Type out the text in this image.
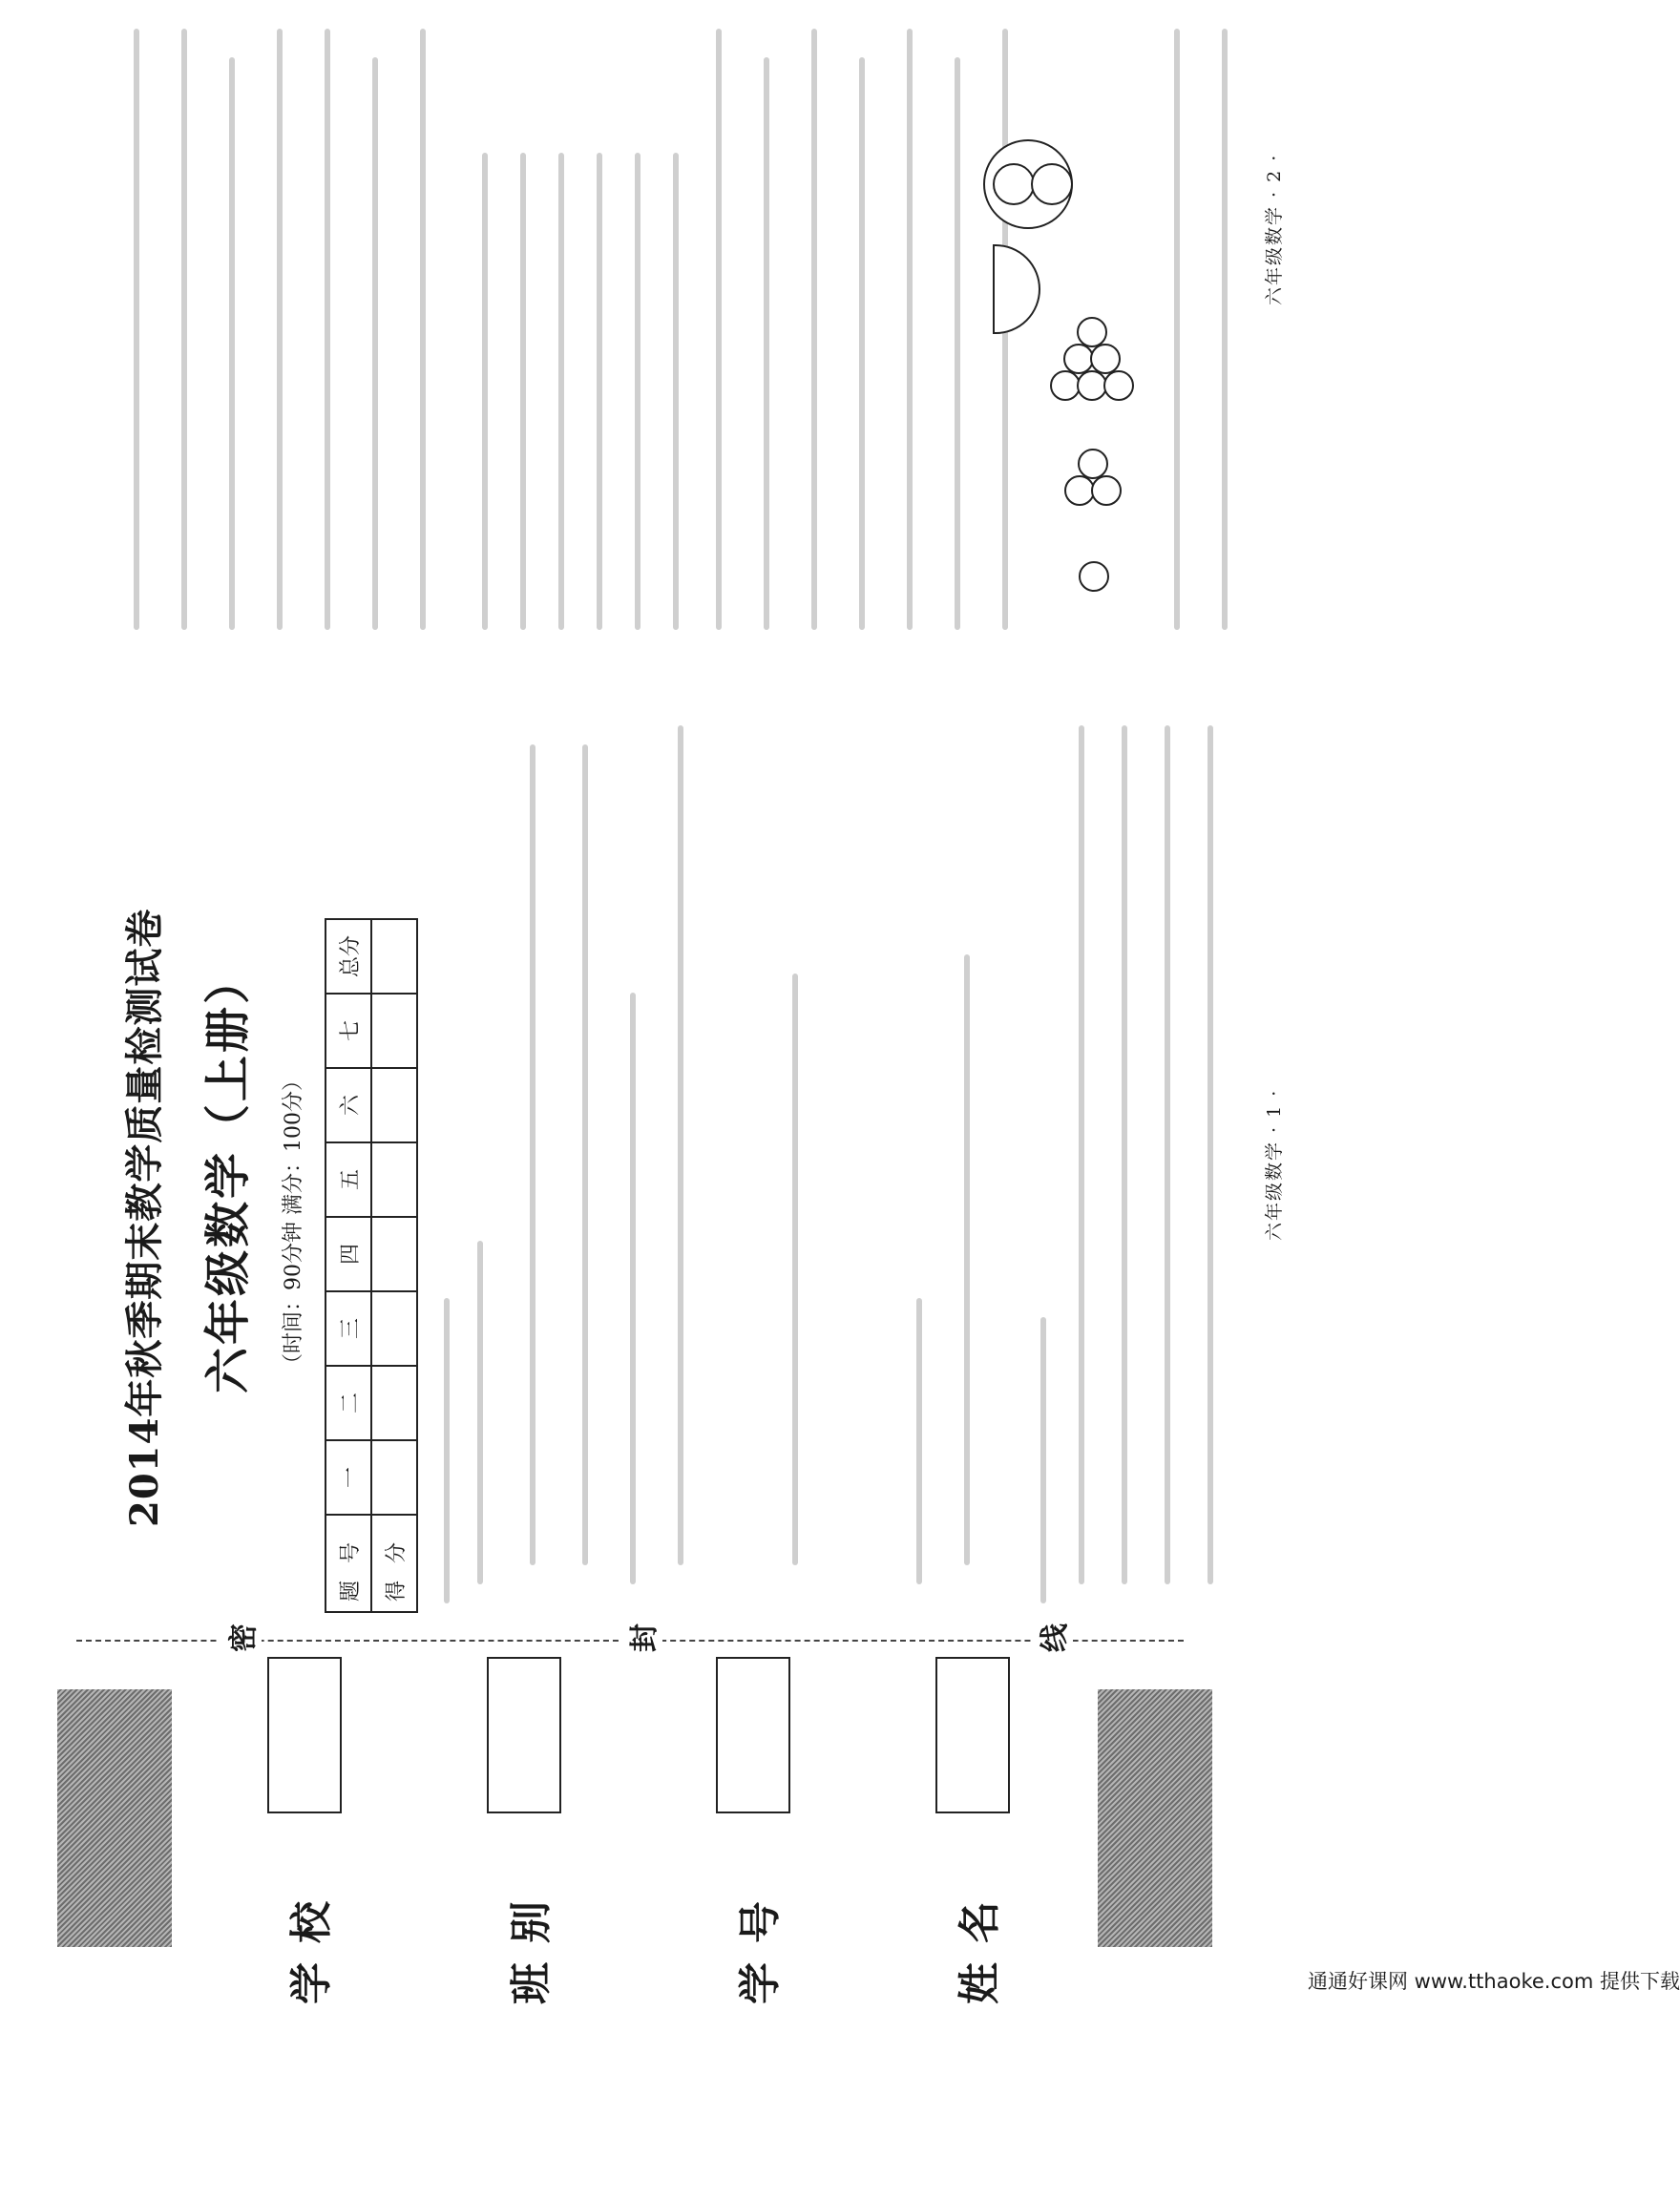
学校	班别	学号	姓名
密	封	线
2014年秋季期末教学质量检测试卷 六年级数学（上册） （时间：90分钟 满分：100分）
题号	一	二	三	四	五	六	七	总分
得分								
六年级数学 · 1 ·
六年级数学 · 2 ·
通通好课网 www.tthaoke.com 提供下载
